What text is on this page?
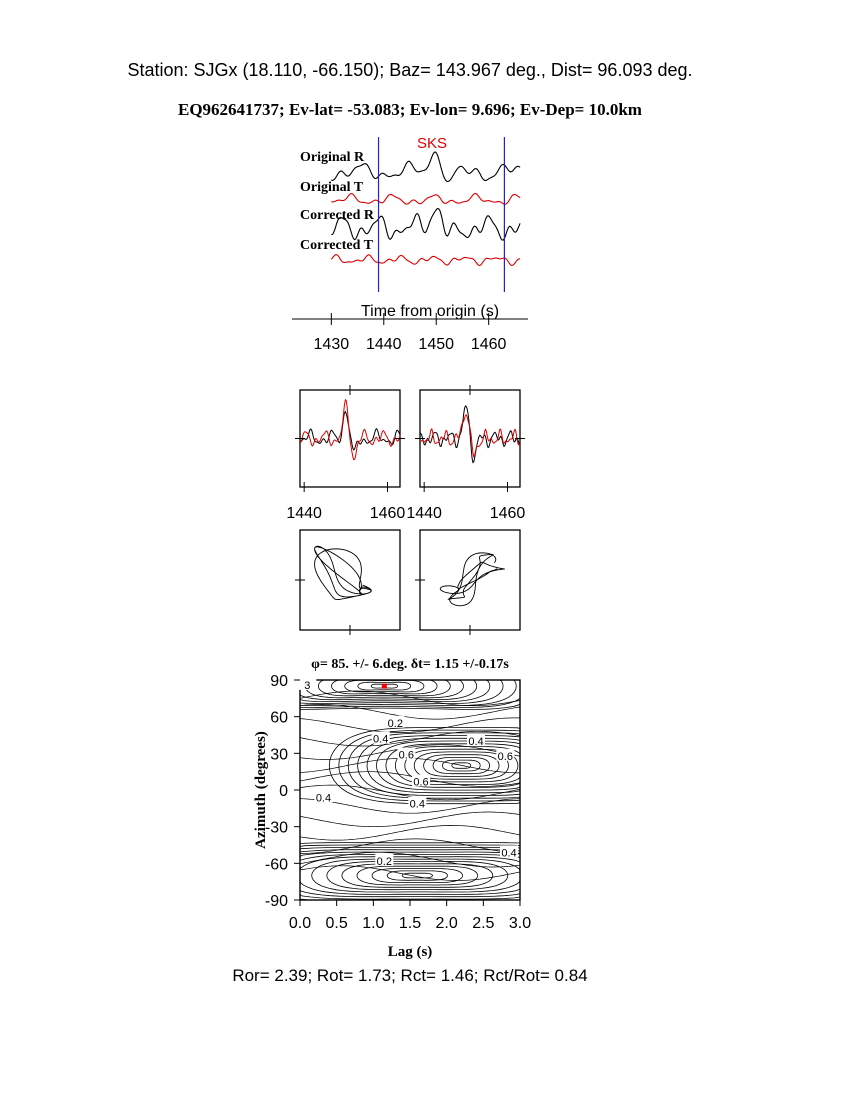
Station: SJGx (18.110, -66.150); Baz= 143.967 deg., Dist= 96.093 deg.
EQ962641737; Ev-lat= -53.083; Ev-lon= 9.696; Ev-Dep= 10.0km
Original R
Original T
Corrected R
Corrected T
SKS
Time from origin (s)
1430 1440 1450 1460
1440	1460 1440	1460
φ= 85. +/- 6.deg. δt= 1.15 +/-0.17s
Lag (s)
Azimuth (degrees)
3
0.2
0.4	0.4
0.6	0.6
0.6
0.4
0.4
0.2
0.4
0.0 0.5 1.0 1.5 2.0 2.5 3.0
90
60
30
0
-30
-60
-90
Ror= 2.39; Rot= 1.73; Rct= 1.46; Rct/Rot= 0.84
